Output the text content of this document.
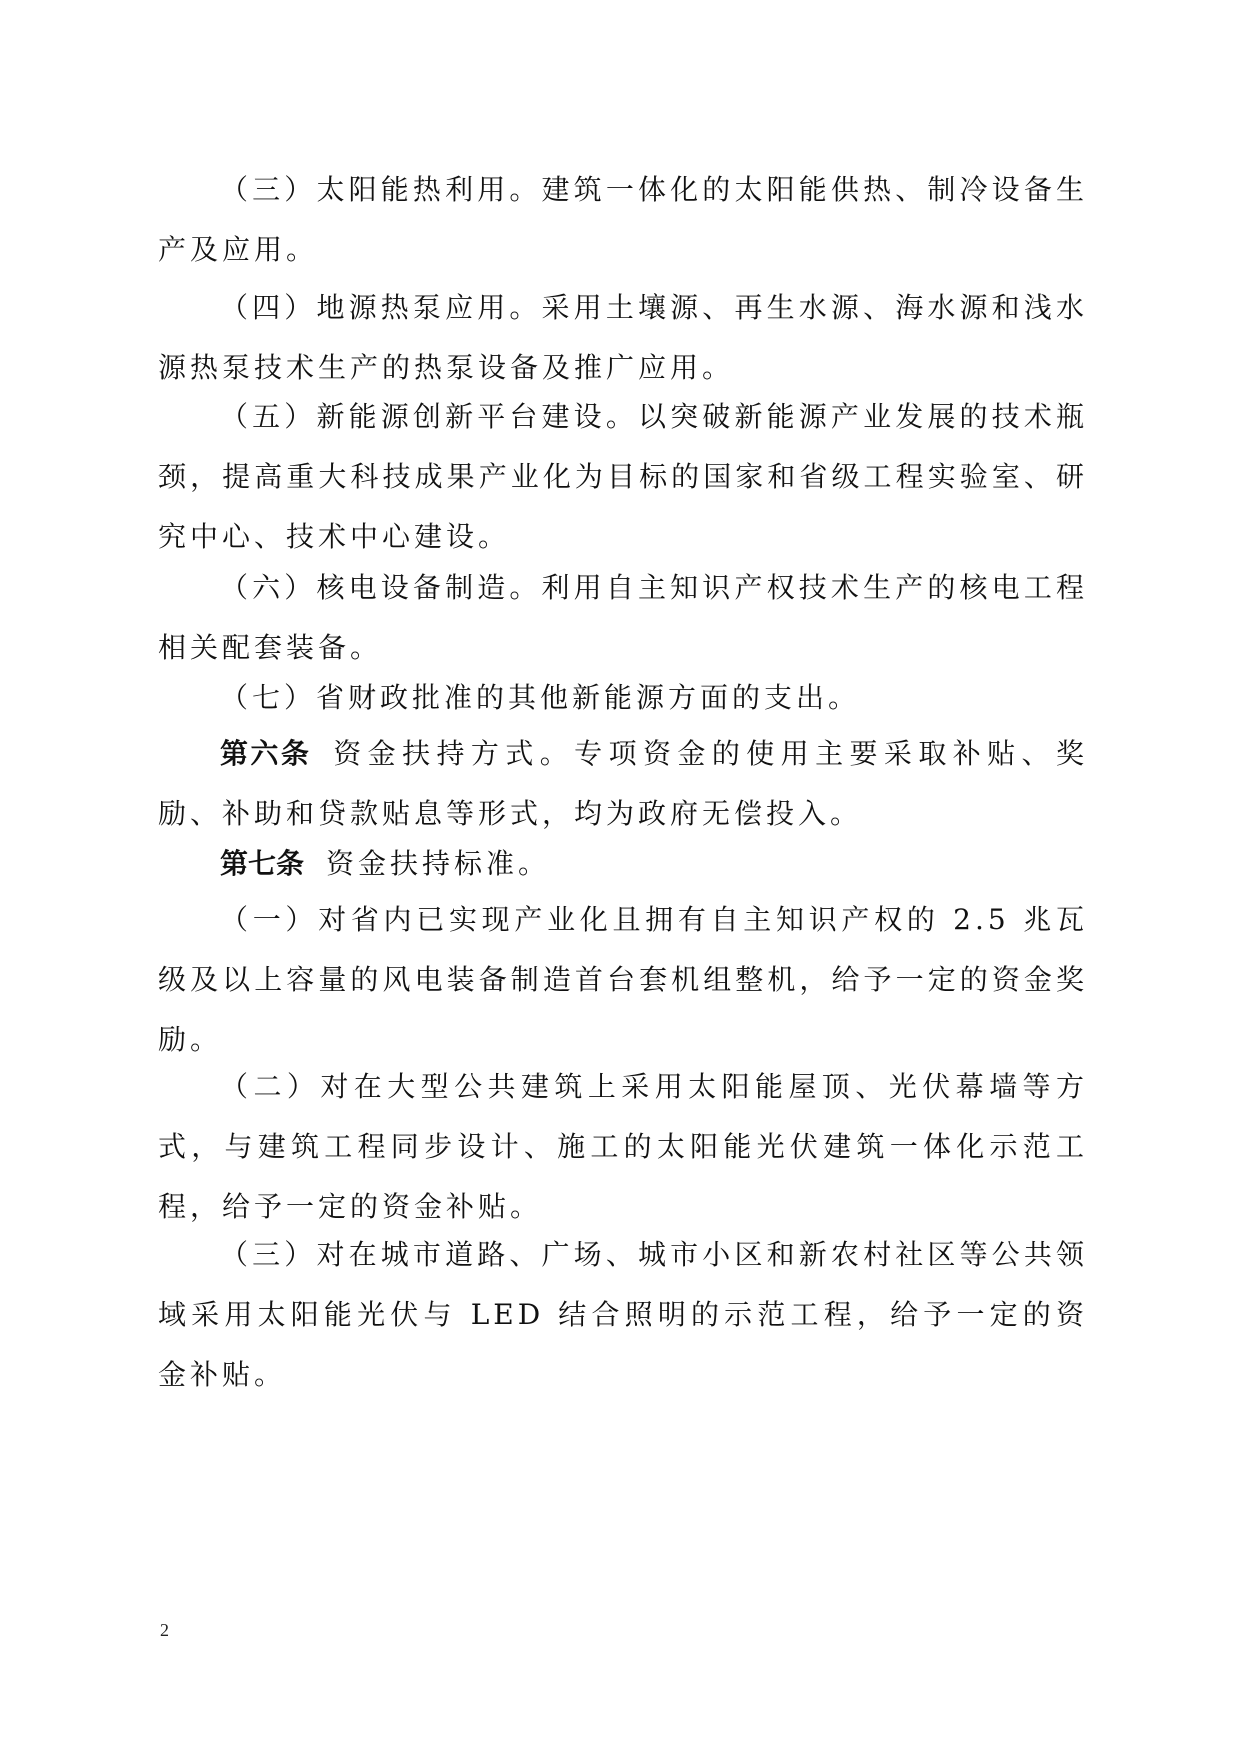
（三）太阳能热利用。建筑一体化的太阳能供热、制冷设备生产及应用。

（四）地源热泵应用。采用土壤源、再生水源、海水源和浅水源热泵技术生产的热泵设备及推广应用。

（五）新能源创新平台建设。以突破新能源产业发展的技术瓶颈，提高重大科技成果产业化为目标的国家和省级工程实验室、研究中心、技术中心建设。

（六）核电设备制造。利用自主知识产权技术生产的核电工程相关配套装备。

（七）省财政批准的其他新能源方面的支出。

第六条 资金扶持方式。专项资金的使用主要采取补贴、奖励、补助和贷款贴息等形式，均为政府无偿投入。

第七条 资金扶持标准。

（一）对省内已实现产业化且拥有自主知识产权的 2.5 兆瓦级及以上容量的风电装备制造首台套机组整机，给予一定的资金奖励。

（二）对在大型公共建筑上采用太阳能屋顶、光伏幕墙等方式，与建筑工程同步设计、施工的太阳能光伏建筑一体化示范工程，给予一定的资金补贴。

（三）对在城市道路、广场、城市小区和新农村社区等公共领域采用太阳能光伏与 LED 结合照明的示范工程，给予一定的资金补贴。

2
